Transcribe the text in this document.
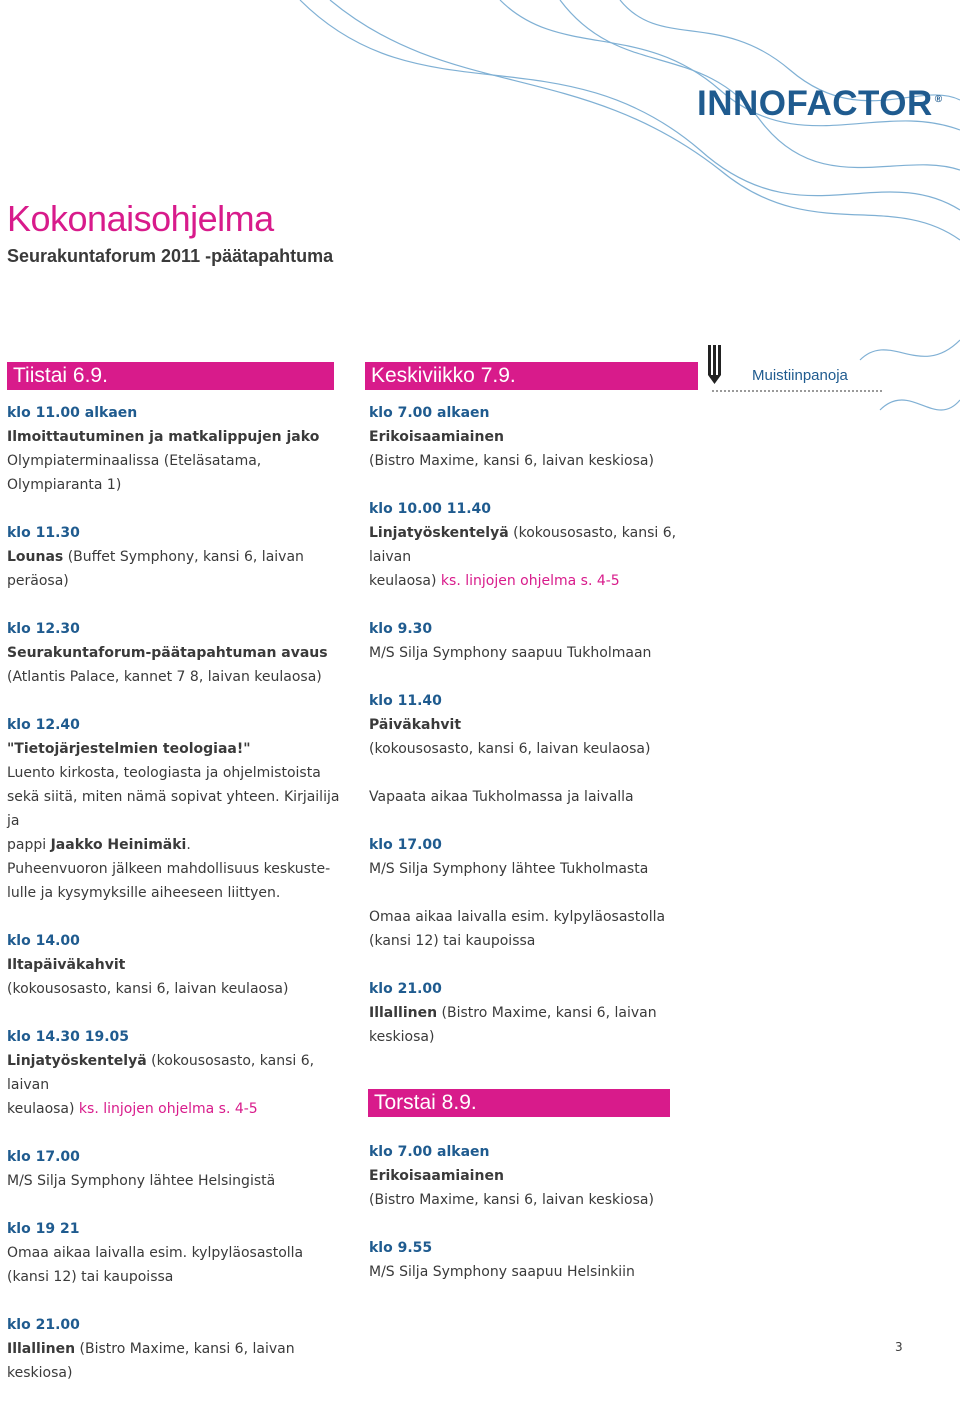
INNOFACTOR ®
Kokonaisohjelma
Seurakuntaforum 2011 -päätapahtuma
Muistiinpanoja
Tiistai 6.9.	Keskiviikko 7.9.
Torstai 8.9.
klo 11.00 alkaen
Ilmoittautuminen ja matkalippujen jako
Olympiaterminaalissa (Eteläsatama,
Olympiaranta 1)
klo 11.30
Lounas (Buffet Symphony, kansi 6, laivan peräosa)
klo 12.30
Seurakuntaforum-päätapahtuman avaus
(Atlantis Palace, kannet 7 8, laivan keulaosa)
klo 12.40
"Tietojärjestelmien teologiaa!"
Luento kirkosta, teologiasta ja ohjelmistoista
sekä siitä, miten nämä sopivat yhteen. Kirjailija ja
pappi Jaakko Heinimäki.
Puheenvuoron jälkeen mahdollisuus keskuste-
lulle ja kysymyksille aiheeseen liittyen.
klo 14.00
Iltapäiväkahvit
(kokousosasto, kansi 6, laivan keulaosa)
klo 14.30 19.05
Linjatyöskentelyä (kokousosasto, kansi 6, laivan
keulaosa) ks. linjojen ohjelma s. 4-5
klo 17.00
M/S Silja Symphony lähtee Helsingistä
klo 19 21
Omaa aikaa laivalla esim. kylpyläosastolla
(kansi 12) tai kaupoissa
klo 21.00
Illallinen (Bistro Maxime, kansi 6, laivan keskiosa)
klo 7.00 alkaen
Erikoisaamiainen
(Bistro Maxime, kansi 6, laivan keskiosa)
klo 10.00 11.40
Linjatyöskentelyä (kokousosasto, kansi 6, laivan
keulaosa) ks. linjojen ohjelma s. 4-5
klo 9.30
M/S Silja Symphony saapuu Tukholmaan
klo 11.40
Päiväkahvit
(kokousosasto, kansi 6, laivan keulaosa)
Vapaata aikaa Tukholmassa ja laivalla
klo 17.00
M/S Silja Symphony lähtee Tukholmasta
Omaa aikaa laivalla esim. kylpyläosastolla
(kansi 12) tai kaupoissa
klo 21.00
Illallinen (Bistro Maxime, kansi 6, laivan keskiosa)
klo 7.00 alkaen
Erikoisaamiainen
(Bistro Maxime, kansi 6, laivan keskiosa)
klo 9.55
M/S Silja Symphony saapuu Helsinkiin
3
